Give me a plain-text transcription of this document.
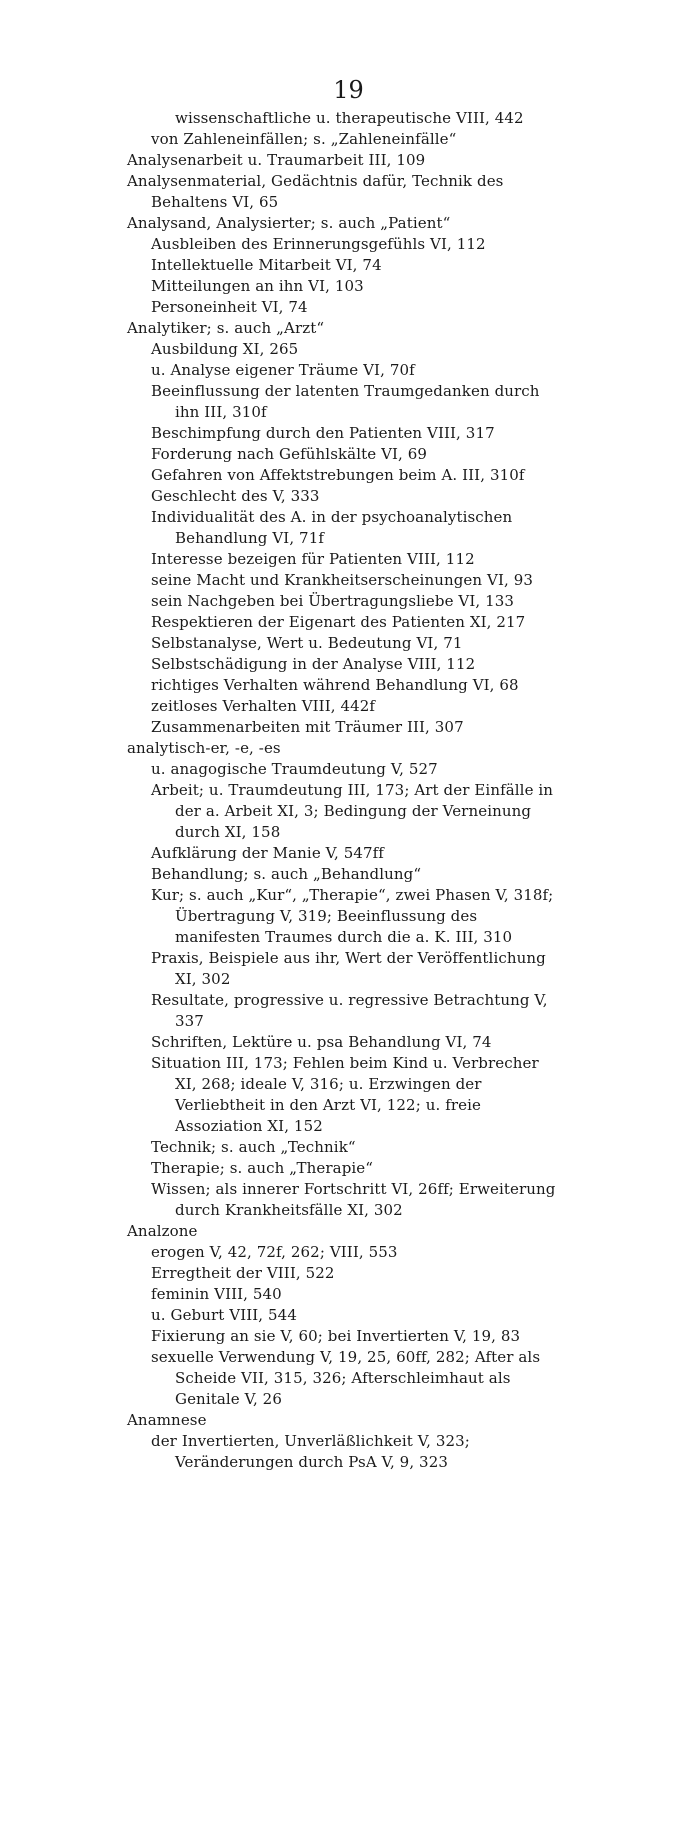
19
wissenschaftliche u. therapeutische VIII, 442
von Zahleneinfällen; s. „Zahleneinfälle“
Analysenarbeit u. Traumarbeit III, 109
Analysenmaterial, Gedächtnis dafür, Technik des Behaltens VI, 65
Analysand, Analysierter; s. auch „Patient“
Ausbleiben des Erinnerungsgefühls VI, 112
Intellektuelle Mitarbeit VI, 74
Mitteilungen an ihn VI, 103
Personeinheit VI, 74
Analytiker; s. auch „Arzt“
Ausbildung XI, 265
u. Analyse eigener Träume VI, 70f
Beeinflussung der latenten Traumgedanken durch ihn III, 310f
Beschimpfung durch den Patienten VIII, 317
Forderung nach Gefühlskälte VI, 69
Gefahren von Affektstrebungen beim A. III, 310f
Geschlecht des V, 333
Individualität des A. in der psychoanalytischen Behandlung VI, 71f
Interesse bezeigen für Patienten VIII, 112
seine Macht und Krankheitserscheinungen VI, 93
sein Nachgeben bei Übertragungsliebe VI, 133
Respektieren der Eigenart des Patienten XI, 217
Selbstanalyse, Wert u. Bedeutung VI, 71
Selbstschädigung in der Analyse VIII, 112
richtiges Verhalten während Behandlung VI, 68
zeitloses Verhalten VIII, 442f
Zusammenarbeiten mit Träumer III, 307
analytisch-er, -e, -es
u. anagogische Traumdeutung V, 527
Arbeit; u. Traumdeutung III, 173; Art der Einfälle in der a. Arbeit XI, 3; Bedingung der Verneinung durch XI, 158
Aufklärung der Manie V, 547ff
Behandlung; s. auch „Behandlung“
Kur; s. auch „Kur“, „Therapie“, zwei Phasen V, 318f; Übertragung V, 319; Beeinflussung des manifesten Traumes durch die a. K. III, 310
Praxis, Beispiele aus ihr, Wert der Veröffentlichung XI, 302
Resultate, progressive u. regressive Betrachtung V, 337
Schriften, Lektüre u. psa Behandlung VI, 74
Situation III, 173; Fehlen beim Kind u. Verbrecher XI, 268; ideale V, 316; u. Erzwingen der Verliebtheit in den Arzt VI, 122; u. freie Assoziation XI, 152
Technik; s. auch „Technik“
Therapie; s. auch „Therapie“
Wissen; als innerer Fortschritt VI, 26ff; Erweiterung durch Krankheitsfälle XI, 302
Analzone
erogen V, 42, 72f, 262; VIII, 553
Erregtheit der VIII, 522
feminin VIII, 540
u. Geburt VIII, 544
Fixierung an sie V, 60; bei Invertierten V, 19, 83
sexuelle Verwendung V, 19, 25, 60ff, 282; After als Scheide VII, 315, 326; Afterschleimhaut als Genitale V, 26
Anamnese
der Invertierten, Unverläßlichkeit V, 323; Veränderungen durch PsA V, 9, 323
